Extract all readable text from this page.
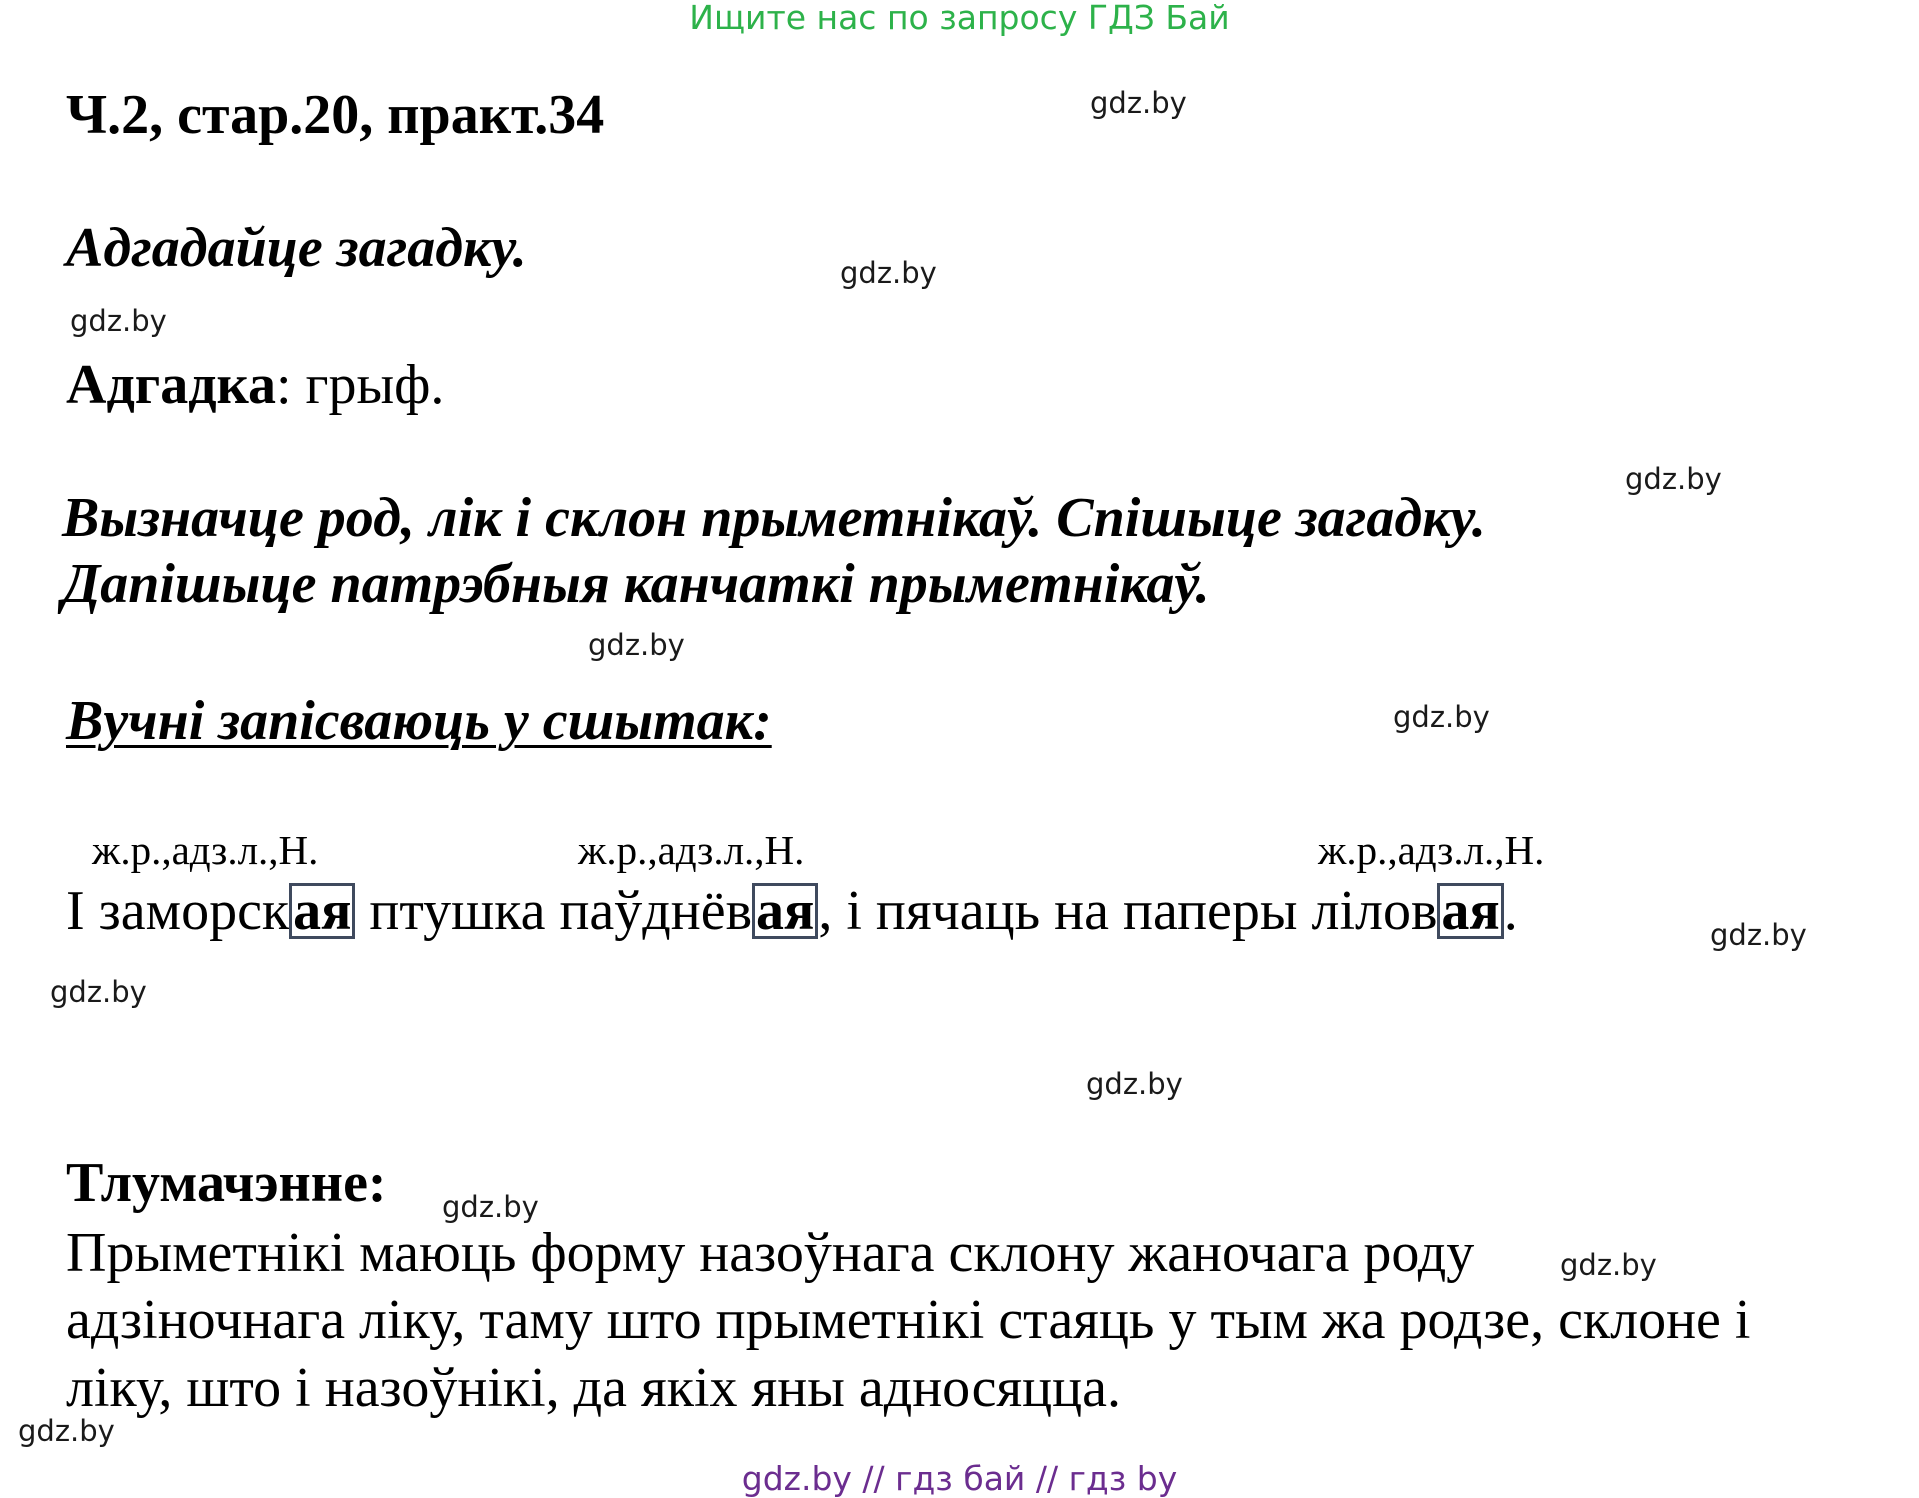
Ищите нас по запросу ГДЗ Бай
Ч.2, стар.20, практ.34
Адгадайце загадку.
Адгадка: грыф.
Вызначце род, лік і склон прыметнікаў. Спішыце загадку.
Дапішыце патрэбныя канчаткі прыметнікаў.
Вучні запісваюць у сшытак:
ж.р.,адз.л.,Н.	ж.р.,адз.л.,Н.	ж.р.,адз.л.,Н.
І заморская птушка паўднёвая, і пячаць на паперы ліловая.
Тлумачэнне:
Прыметнікі маюць форму назоўнага склону жаночага роду
адзіночнага ліку, таму што прыметнікі стаяць у тым жа родзе, склоне і
ліку, што і назоўнікі, да якіх яны адносяцца.
gdz.by
gdz.by
gdz.by
gdz.by
gdz.by
gdz.by
gdz.by
gdz.by
gdz.by
gdz.by
gdz.by
gdz.by
gdz.by // гдз бай // гдз by
